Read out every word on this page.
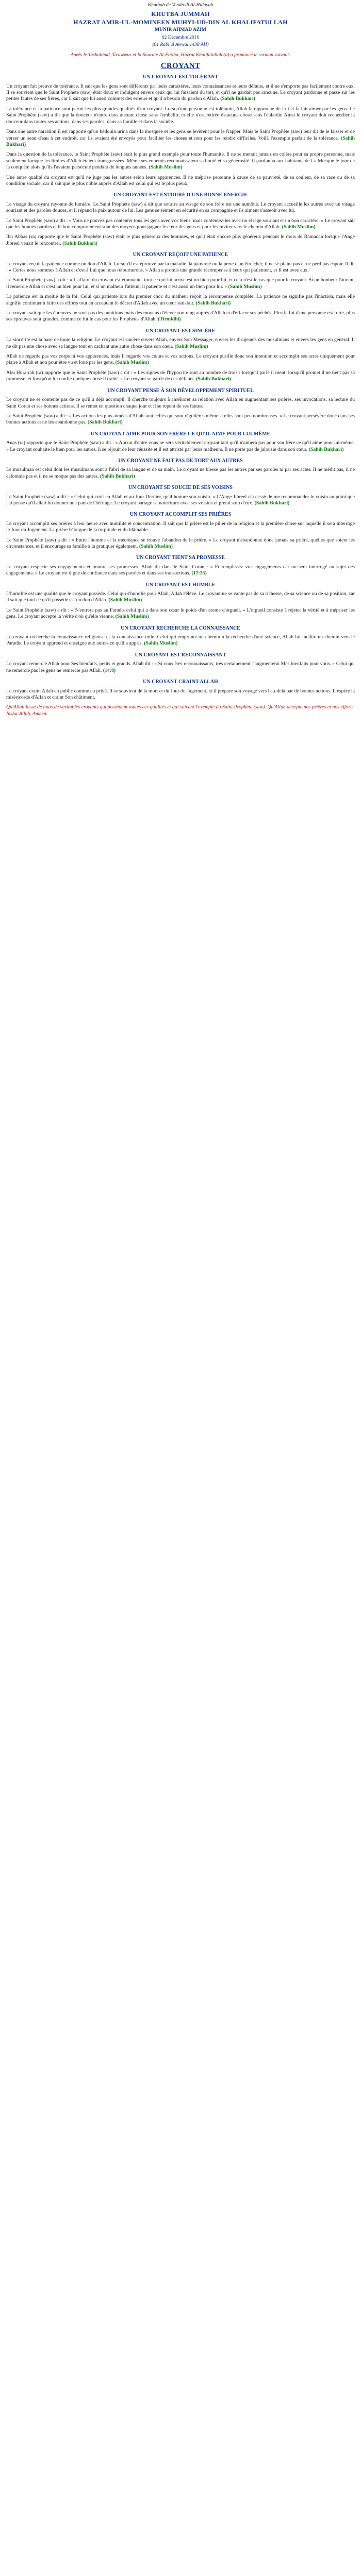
Khutbah de Vendredi Al-Hidayah
KHUTBA JUMMAH
HAZRAT AMIR-UL-MOMINEEN MUHYI-UD-DIN AL KHALIFATULLAH
MUNIR AHMAD AZIM
02 Décembre 2016
(01 Rabi'ul Awwal 1438 AH)
Après le Tashahhud, Ta'awwuz et la Sourate Al-Fatiha, Hazrat Khalifatullah (a) a prononcé le sermon suivant:
CROYANT
UN CROYANT EST TOLÉRANT

Un croyant fait preuve de tolérance. Il sait que les gens sont différents par leurs caractères, leurs connaissances et leurs défauts, et il ne s'emporte pas facilement contre eux. Il se souvient que le Saint Prophète (saw) était doux et indulgent envers ceux qui lui faisaient du tort, et qu'il ne gardait pas rancune. Le croyant pardonne et passe sur les petites fautes de ses frères, car il sait que lui aussi commet des erreurs et qu'il a besoin du pardon d'Allah. (Sahih Bukhari)

La tolérance et la patience sont parmi les plus grandes qualités d'un croyant. Lorsqu'une personne est tolérante, Allah la rapproche de Lui et la fait aimer par les gens. Le Saint Prophète (saw) a dit que la douceur n'entre dans aucune chose sans l'embellir, et elle n'est retirée d'aucune chose sans l'enlaidir. Ainsi le croyant doit rechercher la douceur dans toutes ses actions, dans ses paroles, dans sa famille et dans la société.

Dans une autre narration il est rapporté qu'un bédouin urina dans la mosquée et les gens se levèrent pour le frapper. Mais le Saint Prophète (saw) leur dit de le laisser et de verser un seau d'eau à cet endroit, car ils avaient été envoyés pour faciliter les choses et non pour les rendre difficiles. Voilà l'exemple parfait de la tolérance. (Sahih Bukhari)

Dans la question de la tolérance, le Saint Prophète (saw) était le plus grand exemple pour toute l'humanité. Il ne se mettait jamais en colère pour sa propre personne, mais seulement lorsque les limites d'Allah étaient transgressées. Même ses ennemis reconnaissaient sa bonté et sa générosité. Il pardonna aux habitants de La Mecque le jour de la conquête alors qu'ils l'avaient persécuté pendant de longues années. (Sahih Muslim)

Une autre qualité du croyant est qu'il ne juge pas les autres selon leurs apparences. Il ne méprise personne à cause de sa pauvreté, de sa couleur, de sa race ou de sa condition sociale, car il sait que le plus noble auprès d'Allah est celui qui est le plus pieux.

UN CROYANT EST ENTOURÉ D'UNE BONNE ÉNERGIE

Le visage du croyant rayonne de lumière. Le Saint Prophète (saw) a dit que sourire au visage de son frère est une aumône. Le croyant accueille les autres avec un visage souriant et des paroles douces, et il répand la paix autour de lui. Les gens se sentent en sécurité en sa compagnie et ils aiment s'asseoir avec lui.

Le Saint Prophète (saw) a dit : « Vous ne pouvez pas contenter tous les gens avec vos biens, mais contentez-les avec un visage souriant et un bon caractère. » Le croyant sait que les bonnes paroles et le bon comportement sont des moyens pour gagner le cœur des gens et pour les inviter vers le chemin d'Allah. (Sahih Muslim)

Ibn Abbas (ra) rapporte que le Saint Prophète (saw) était le plus généreux des hommes, et qu'il était encore plus généreux pendant le mois de Ramadan lorsque l'Ange Jibreel venait le rencontrer. (Sahih Bukhari)

UN CROYANT REÇOIT UNE PATIENCE

Le croyant reçoit la patience comme un don d'Allah. Lorsqu'il est éprouvé par la maladie, la pauvreté ou la perte d'un être cher, il ne se plaint pas et ne perd pas espoir. Il dit : « Certes nous sommes à Allah et c'est à Lui que nous retournerons. » Allah a promis une grande récompense à ceux qui patientent, et Il est avec eux.

Le Saint Prophète (saw) a dit : « L'affaire du croyant est étonnante, tout ce qui lui arrive est un bien pour lui, et cela n'est le cas que pour le croyant. Si un bonheur l'atteint, il remercie Allah et c'est un bien pour lui, et si un malheur l'atteint, il patiente et c'est aussi un bien pour lui. » (Sahih Muslim)

La patience est la moitié de la foi. Celui qui patiente lors du premier choc du malheur reçoit la récompense complète. La patience ne signifie pas l'inaction, mais elle signifie continuer à faire des efforts tout en acceptant le décret d'Allah avec un cœur satisfait. (Sahih Bukhari)

Le croyant sait que les épreuves ne sont pas des punitions mais des moyens d'élever son rang auprès d'Allah et d'effacer ses péchés. Plus la foi d'une personne est forte, plus ses épreuves sont grandes, comme ce fut le cas pour les Prophètes d'Allah. (Tirmidhi)

UN CROYANT EST SINCÈRE

La sincérité est la base de toute la religion. Le croyant est sincère envers Allah, envers Son Messager, envers les dirigeants des musulmans et envers les gens en général. Il ne dit pas une chose avec sa langue tout en cachant une autre chose dans son cœur. (Sahih Muslim)

Allah ne regarde pas vos corps ni vos apparences, mais Il regarde vos cœurs et vos actions. Le croyant purifie donc son intention et accomplit ses actes uniquement pour plaire à Allah et non pour être vu et loué par les gens. (Sahih Muslim)

Abu Hurairah (ra) rapporte que le Saint Prophète (saw) a dit : « Les signes de l'hypocrite sont au nombre de trois : lorsqu'il parle il ment, lorsqu'il promet il ne tient pas sa promesse, et lorsqu'on lui confie quelque chose il trahit. » Le croyant se garde de ces défauts. (Sahih Bukhari)

UN CROYANT PENSE À SON DÉVELOPPEMENT SPIRITUEL

Le croyant ne se contente pas de ce qu'il a déjà accompli. Il cherche toujours à améliorer sa relation avec Allah en augmentant ses prières, ses invocations, sa lecture du Saint Coran et ses bonnes actions. Il se remet en question chaque jour et il se repent de ses fautes.

Le Saint Prophète (saw) a dit : « Les actions les plus aimées d'Allah sont celles qui sont régulières même si elles sont peu nombreuses. » Le croyant persévère donc dans ses bonnes actions et ne les abandonne pas. (Sahih Bukhari)

UN CROYANT AIME POUR SON FRÈRE CE QU'IL AIME POUR LUI-MÊME

Anas (ra) rapporte que le Saint Prophète (saw) a dit : « Aucun d'entre vous ne sera véritablement croyant tant qu'il n'aimera pas pour son frère ce qu'il aime pour lui-même. » Le croyant souhaite le bien pour les autres, il se réjouit de leur réussite et il est attristé par leurs malheurs. Il ne porte pas de jalousie dans son cœur. (Sahih Bukhari)

UN CROYANT NE FAIT PAS DE TORT AUX AUTRES

Le musulman est celui dont les musulmans sont à l'abri de sa langue et de sa main. Le croyant ne blesse pas les autres par ses paroles ni par ses actes. Il ne médit pas, il ne calomnie pas et il ne se moque pas des autres. (Sahih Bukhari)

UN CROYANT SE SOUCIE DE SES VOISINS

Le Saint Prophète (saw) a dit : « Celui qui croit en Allah et au Jour Dernier, qu'il honore son voisin. » L'Ange Jibreel n'a cessé de me recommander le voisin au point que j'ai pensé qu'il allait lui donner une part de l'héritage. Le croyant partage sa nourriture avec ses voisins et prend soin d'eux. (Sahih Bukhari)

UN CROYANT ACCOMPLIT SES PRIÈRES

Le croyant accomplit ses prières à leur heure avec humilité et concentration. Il sait que la prière est le pilier de la religion et la première chose sur laquelle il sera interrogé le Jour du Jugement. La prière l'éloigne de la turpitude et du blâmable.

Le Saint Prophète (saw) a dit : « Entre l'homme et la mécréance se trouve l'abandon de la prière. » Le croyant n'abandonne donc jamais sa prière, quelles que soient les circonstances, et il encourage sa famille à la pratiquer également. (Sahih Muslim)

UN CROYANT TIENT SA PROMESSE

Le croyant respecte ses engagements et honore ses promesses. Allah dit dans le Saint Coran : « Et remplissez vos engagements car on sera interrogé au sujet des engagements. » Le croyant est digne de confiance dans ses paroles et dans ses transactions. (17:35)

UN CROYANT EST HUMBLE

L'humilité est une qualité que le croyant possède. Celui qui s'humilie pour Allah, Allah l'élève. Le croyant ne se vante pas de sa richesse, de sa science ou de sa position, car il sait que tout ce qu'il possède est un don d'Allah. (Sahih Muslim)

Le Saint Prophète (saw) a dit : « N'entrera pas au Paradis celui qui a dans son cœur le poids d'un atome d'orgueil. » L'orgueil consiste à rejeter la vérité et à mépriser les gens. Le croyant accepte la vérité d'où qu'elle vienne. (Sahih Muslim)

UN CROYANT RECHERCHE LA CONNAISSANCE

Le croyant recherche la connaissance religieuse et la connaissance utile. Celui qui emprunte un chemin à la recherche d'une science, Allah lui facilite un chemin vers le Paradis. Le croyant apprend et enseigne aux autres ce qu'il a appris. (Sahih Muslim)

UN CROYANT EST RECONNAISSANT

Le croyant remercie Allah pour Ses bienfaits, petits et grands. Allah dit : « Si vous êtes reconnaissants, très certainement J'augmenterai Mes bienfaits pour vous. » Celui qui ne remercie pas les gens ne remercie pas Allah. (14:8)

UN CROYANT CRAINT ALLAH

Le croyant craint Allah en public comme en privé. Il se souvient de la mort et du Jour du Jugement, et il prépare son voyage vers l'au-delà par de bonnes actions. Il espère la miséricorde d'Allah et craint Son châtiment.

Qu'Allah fasse de nous de véritables croyants qui possèdent toutes ces qualités et qui suivent l'exemple du Saint Prophète (saw). Qu'Allah accepte nos prières et nos efforts. Insha-Allah, Ameen.
